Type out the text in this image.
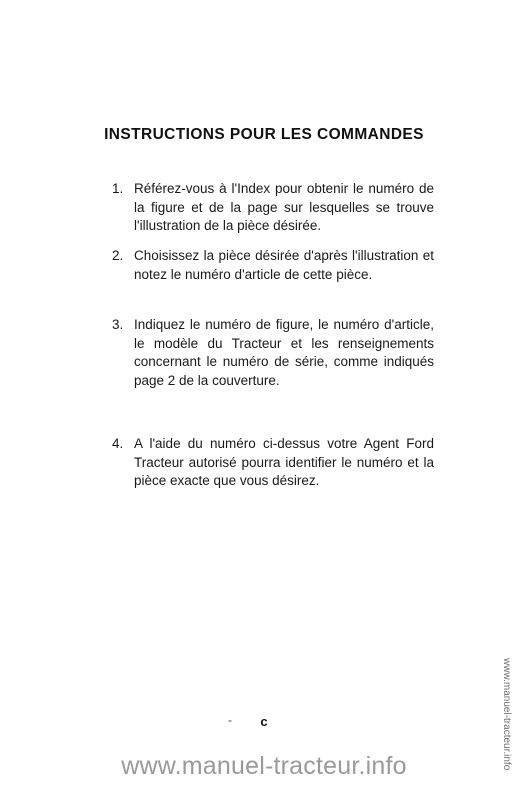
INSTRUCTIONS POUR LES COMMANDES
1. Référez-vous à l'Index pour obtenir le numéro de la figure et de la page sur lesquelles se trouve l'illustration de la pièce désirée.
2. Choisissez la pièce désirée d'après l'illustration et notez le numéro d'article de cette pièce.
3. Indiquez le numéro de figure, le numéro d'article, le modèle du Tracteur et les renseignements concernant le numéro de série, comme indiqués page 2 de la couverture.
4. A l'aide du numéro ci-dessus votre Agent Ford Tracteur autorisé pourra identifier le numéro et la pièce exacte que vous désirez.
-	c	www.manuel-tracteur.info
www.manuel-tracteur.info
